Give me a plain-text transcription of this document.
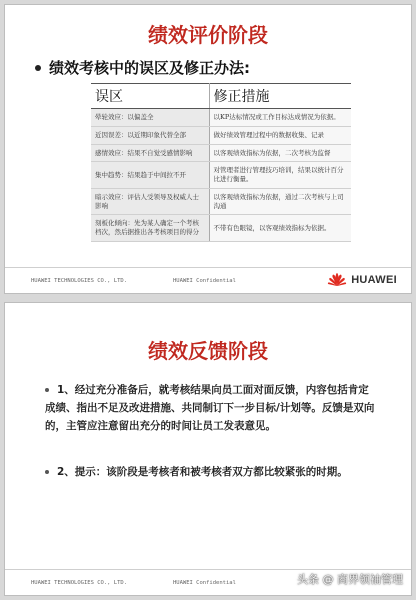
绩效评价阶段
绩效考核中的误区及修正办法:
误区	修正措施
晕轮效应：以偏盖全	以KP达标情况或工作目标达成情况为依据。
近因误差：以近期印象代替全部	做好绩效管理过程中的数据收集、记录
感情效应：结果不自觉受感情影响	以客观绩效指标为依据，二次考核为监督
集中趋势：结果趋于中间拉不开	对管理者进行管理技巧培训，结果以统计百分比进行衡量。
暗示效应：评估人受领导及权威人士影响	以客观绩效指标为依据，通过二次考核与上司沟通
刻板化倾向：先为某人确定一个考核档次，然后据推出各考核项目的得分	不带有色眼镜，以客观绩效指标为依据。
HUAWEI TECHNOLOGIES CO., LTD.	HUAWEI Confidential	HUAWEI
绩效反馈阶段
1、经过充分准备后，就考核结果向员工面对面反馈，内容包括肯定成绩、指出不足及改进措施、共同制订下一步目标/计划等。反馈是双向的，主管应注意留出充分的时间让员工发表意见。
2、提示：该阶段是考核者和被考核者双方都比较紧张的时期。
HUAWEI TECHNOLOGIES CO., LTD.	HUAWEI Confidential	头条 @ 商界领袖管理
